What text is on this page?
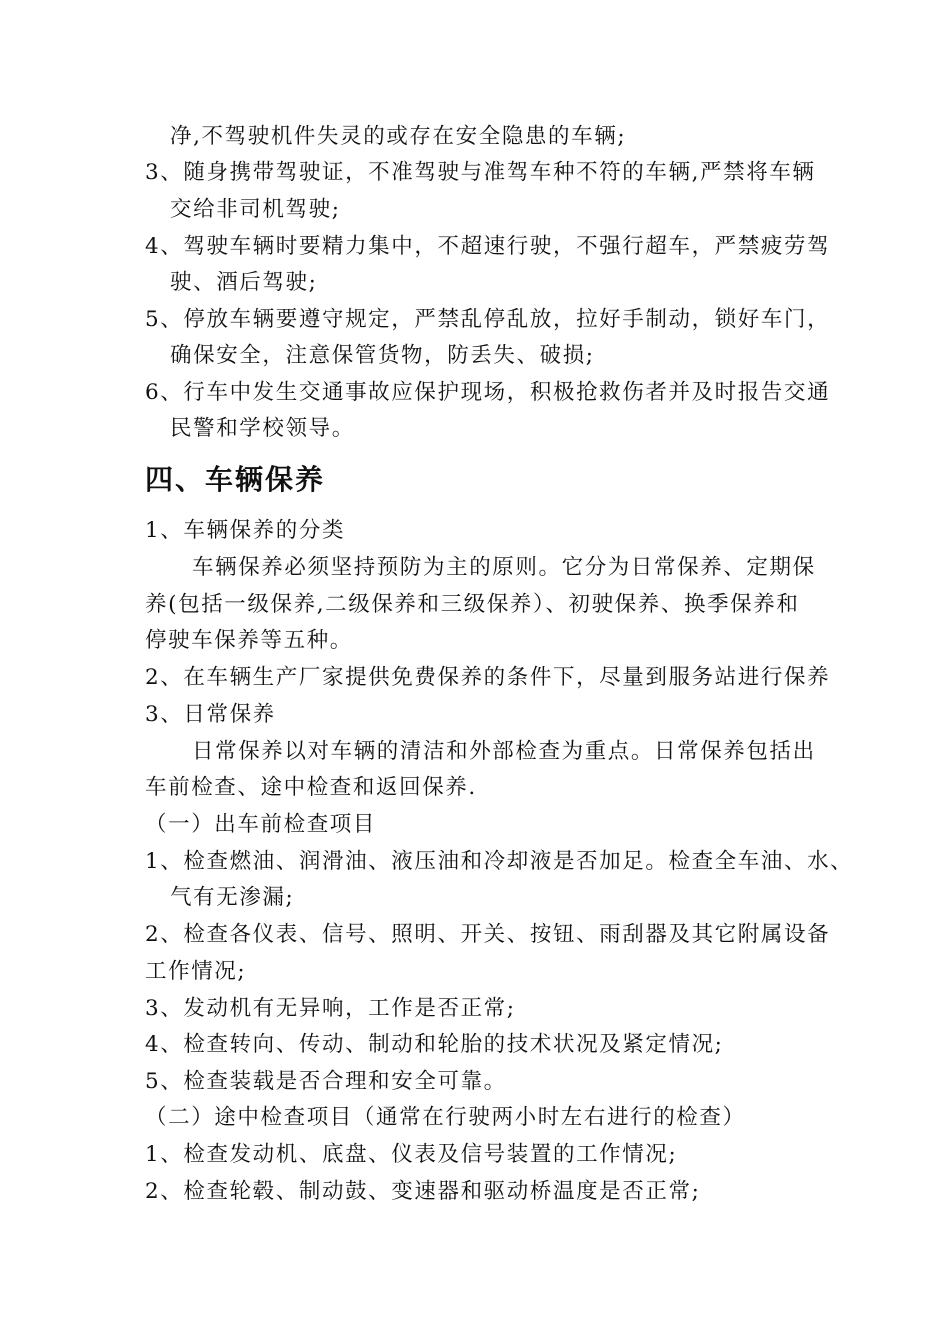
净,不驾驶机件失灵的或存在安全隐患的车辆;
3、随身携带驾驶证，不准驾驶与准驾车种不符的车辆,严禁将车辆
交给非司机驾驶;
4、驾驶车辆时要精力集中，不超速行驶，不强行超车，严禁疲劳驾
驶、酒后驾驶;
5、停放车辆要遵守规定，严禁乱停乱放，拉好手制动，锁好车门，
确保安全，注意保管货物，防丢失、破损;
6、行车中发生交通事故应保护现场，积极抢救伤者并及时报告交通
民警和学校领导。
四、车辆保养
1、车辆保养的分类
车辆保养必须坚持预防为主的原则。它分为日常保养、定期保
养(包括一级保养,二级保养和三级保养）、初驶保养、换季保养和
停驶车保养等五种。
2、在车辆生产厂家提供免费保养的条件下，尽量到服务站进行保养
3、日常保养
日常保养以对车辆的清洁和外部检查为重点。日常保养包括出
车前检查、途中检查和返回保养.
（一）出车前检查项目
1、检查燃油、润滑油、液压油和冷却液是否加足。检查全车油、水、
气有无渗漏;
2、检查各仪表、信号、照明、开关、按钮、雨刮器及其它附属设备
工作情况;
3、发动机有无异响，工作是否正常;
4、检查转向、传动、制动和轮胎的技术状况及紧定情况;
5、检查装载是否合理和安全可靠。
（二）途中检查项目（通常在行驶两小时左右进行的检查）
1、检查发动机、底盘、仪表及信号装置的工作情况;
2、检查轮毂、制动鼓、变速器和驱动桥温度是否正常;
